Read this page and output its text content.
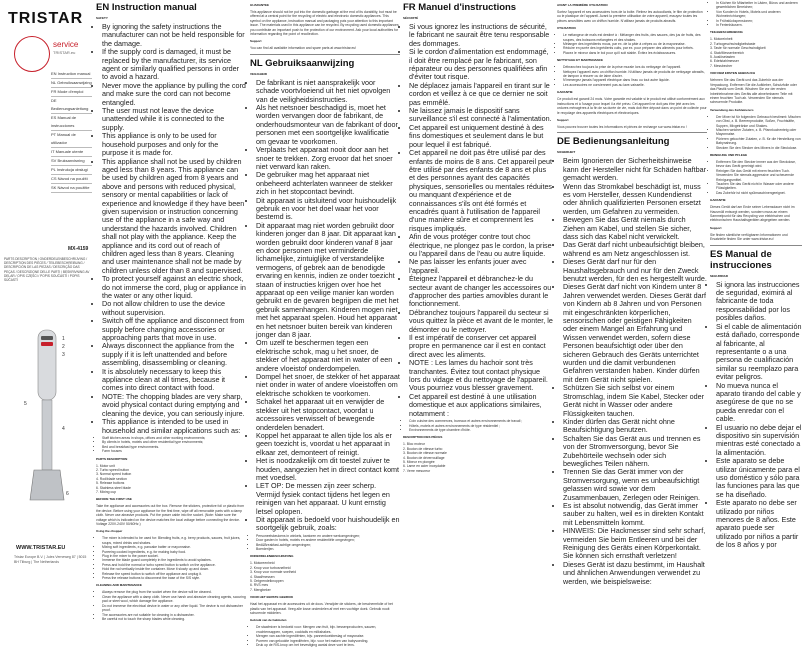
TRISTAR
service
TRISTAR.eu
EN Instruction manual
NL Gebruiksaanwijzing
FR Mode d'emploi
DE Bedienungsanleitung
ES Manual de instrucciones
PT Manual de utilizador
IT Manuale utente
SV Bruksanvisning
PL Instrukcja obsługi
CS Návod na použití
SK Návod na použitie
MX-4159
PARTS DESCRIPTION / ONDERDELENBESCHRIJVING / DESCRIPTION DES PIÈCES / TEILEBESCHREIBUNG / DESCRIPCIÓN DE LAS PIEZAS / DESCRIÇÃO DAS PEÇAS / DESCRIZIONE DELLE PARTI / BESKRIVNING AV DELAR / OPIS CZĘŚCI / POPIS SOUČÁSTÍ / POPIS SÚČASTÍ
1
2
3
4
5
6
WWW.TRISTAR.EU
Tristar Europe B.V. | Jules Verneweg 87 | 5015 BH Tilburg | The Netherlands

EN Instruction manual

SAFETY

• By ignoring the safety instructions the manufacturer can not be held responsible for the damage.
• If the supply cord is damaged, it must be replaced by the manufacturer, its service agent or similarly qualified persons in order to avoid a hazard.
• Never move the appliance by pulling the cord and make sure the cord can not become entangled.
• The user must not leave the device unattended while it is connected to the supply.
• This appliance is only to be used for household purposes and only for the purpose it is made for.
• This appliance shall not be used by children aged less than 8 years. This appliance can be used by children aged from 8 years and above and persons with reduced physical, sensory or mental capabilities or lack of experience and knowledge if they have been given supervision or instruction concerning use of the appliance in a safe way and understand the hazards involved. Children shall not play with the appliance. Keep the appliance and its cord out of reach of children aged less than 8 years. Cleaning and user maintenance shall not be made by children unless older than 8 and supervised.
• To protect yourself against an electric shock, do not immerse the cord, plug or appliance in the water or any other liquid.
• Do not allow children to use the device without supervision.
• Switch off the appliance and disconnect from supply before changing accessories or approaching parts that move in use.
• Always disconnect the appliance from the supply if it is left unattended and before assembling, disassembling or cleaning.
• It is absolutely necessary to keep this appliance clean at all times, because it comes into direct contact with food.
• NOTE: The chopping blades are very sharp, avoid physical contact during emptying and cleaning the device, you can seriously injure.
• This appliance is intended to be used in household and similar applications such as:
• Staff kitchen areas in shops, offices and other working environments;
• By clients in hotels, motels and other residential type environments;
• Bed and breakfast type environments.
• Farm houses

PARTS DESCRIPTION

1. Motor unit
2. Turbo speed button
3. Normal speed button
4. Rod/blade section
5. Release buttons
6. Stainless steel blade
7. Mixing cup

BEFORE THE FIRST USE

Take the appliance and accessories out the box. Remove the stickers, protective foil or plastic from the device. Before using your appliance for the first time, wipe off all removable parts with a damp cloth. Never use abrasive products. Put the power cable into the socket. (Note: Make sure the voltage which is indicated on the device matches the local voltage before connecting the device. Voltage 220V-240V 50/60Hz.)

Using the chopper

• The mixer is intended to be used for: Blending fruits, e.g. berry products, sauces, fruit juices, soups, mixed drinks and shakes.
• Mixing soft ingredients, e.g. pancake batter or mayonnaise.
• Pureeing cooked ingredients, e.g. for making baby food.
• Plug in the mixer to the power socket.
• Immerse the blade guard completely in the ingredients to avoid splashes.
• Press and hold the normal or turbo speed button to switch on the appliance.
• Hold the rod vertically inside the container. Move it slowly up and down.
• Release the speed button to switch off the appliance and unplug it.
• Press the release buttons to disconnect the base of the S/S style.

CLEANING AND MAINTENANCE

• Always remove the plug from the socket when the device will be cleaned.
• Clean the appliance with a damp cloth. Never use harsh and abrasive cleaning agents, scouring pad or steel wool, which damage the appliance.
• Do not immerse the electrical device in water or any other liquid. The device is not dishwasher proof.
• The accessories are not suitable for cleaning in a dishwasher.
• Be careful not to touch the sharp blades while cleaning.

GUARANTEE

This appliance should not be put into the domestic garbage at the end of its durability, but must be offered at a central point for the recycling of electric and electronic domestic appliances. This symbol on the appliance, instruction manual and packaging puts your attention to this important issue. The materials used in this appliance can be recycled. By recycling used domestic appliances you contribute an important push to the protection of our environment. Ask your local authorities for information regarding the point of recollection.

Support

You can find all available information and spare parts at www.tristar.eu!

NL Gebruiksaanwijzing

VEILIGHEID

• De fabrikant is niet aansprakelijk voor schade voortvloeiend uit het niet opvolgen van de veiligheidsinstructies.
• Als het netsnoer beschadigd is, moet het worden vervangen door de fabrikant, de onderhoudsmonteur van de fabrikant of door personen met een soortgelijke kwalificatie om gevaar te voorkomen.
• Verplaats het apparaat nooit door aan het snoer te trekken. Zorg ervoor dat het snoer niet verward kan raken.
• De gebruiker mag het apparaat niet onbeheerd achterlaten wanneer de stekker zich in het stopcontact bevindt.
• Dit apparaat is uitsluitend voor huishoudelijk gebruik en voor het doel waar het voor bestemd is.
• Dit apparaat mag niet worden gebruikt door kinderen jonger dan 8 jaar. Dit apparaat kan worden gebruikt door kinderen vanaf 8 jaar en door personen met verminderde lichamelijke, zintuiglijke of verstandelijke vermogens, of gebrek aan de benodigde ervaring en kennis, indien ze onder toezicht staan of instructies krijgen over hoe het apparaat op een veilige manier kan worden gebruikt en de gevaren begrijpen die met het gebruik samenhangen. Kinderen mogen niet met het apparaat spelen. Houd het apparaat en het netsnoer buiten bereik van kinderen jonger dan 8 jaar.
• Om uzelf te beschermen tegen een elektrische schok, mag u het snoer, de stekker of het apparaat niet in water of een andere vloeistof onderdompelen.
• Dompel het snoer, de stekker of het apparaat niet onder in water of andere vloeistoffen om elektrische schokken te voorkomen.
• Schakel het apparaat uit en verwijder de stekker uit het stopcontact, voordat u accessoires verwisselt of bewegende onderdelen benadert.
• Koppel het apparaat te allen tijde los als er geen toezicht is, voordat u het apparaat in elkaar zet, demonteert of reinigt.
• Het is noodzakelijk om dit toestel zuiver te houden, aangezien het in direct contact komt met voedsel.
• LET OP: De messen zijn zeer scherp. Vermijd fysiek contact tijdens het legen en reinigen van het apparaat. U kunt ernstig letsel oplopen.
• Dit apparaat is bedoeld voor huishoudelijk en soortgelijk gebruik, zoals:
• Personeelskeukens in winkels, kantoren en andere werkomgevingen;
• Door gasten in hotels, motels en andere residentiële omgevingen;
• Bed&Breakfast-achtige omgevingen;
• Boerderijen.

ONDERDELENBESCHRIJVING

1. Motoreenheid
2. Knop voor turbosnelheid
3. Knop voor normale snelheid
4. Staaf/messen
5. Ontgrendelknoppen
6. RVS mes
7. Mengbeker

VOOR HET EERSTE GEBRUIK

Haal het apparaat en de accessoires uit de doos. Verwijder de stickers, de beschermfolie of het plastic van het apparaat. Veeg alle losse onderdelen af met een vochtige doek. Gebruik nooit schurende middelen.

Gebruik van de hakmolen

• De staafmixer is bedoeld voor: Mengen van fruit, bijv. bessenproducten, sauzen, vruchtensappen, soepen, cocktails en milkshakes.
• Mengen van zachte ingrediënten, bijv. pannenkoekbeslag of mayonaise.
• Pureren van gekookte ingrediënten, bijv. voor het maken van babyvoeding.
• Druk op de R/S-knop om het bevestiging aantal deze voet te lens.

FR Manuel d'instructions

SÉCURITÉ

• Si vous ignorez les instructions de sécurité, le fabricant ne saurait être tenu responsable des dommages.
• Si le cordon d'alimentation est endommagé, il doit être remplacé par le fabricant, son réparateur ou des personnes qualifiées afin d'éviter tout risque.
• Ne déplacez jamais l'appareil en tirant sur le cordon et veillez à ce que ce dernier ne soit pas emmêlé.
• Ne laissez jamais le dispositif sans surveillance s'il est connecté à l'alimentation.
• Cet appareil est uniquement destiné à des fins domestiques et seulement dans le but pour lequel il est fabriqué.
• Cet appareil ne doit pas être utilisé par des enfants de moins de 8 ans. Cet appareil peut être utilisé par des enfants de 8 ans et plus et des personnes ayant des capacités physiques, sensorielles ou mentales réduites ou manquant d'expérience et de connaissances s'ils ont été formés et encadrés quant à l'utilisation de l'appareil d'une manière sûre et comprennent les risques impliqués.
• Afin de vous protéger contre tout choc électrique, ne plongez pas le cordon, la prise ou l'appareil dans de l'eau ou autre liquide.
• Ne pas laisser les enfants jouer avec l'appareil.
• Éteignez l'appareil et débranchez-le du secteur avant de changer les accessoires ou d'approcher des parties amovibles durant le fonctionnement.
• Débranchez toujours l'appareil du secteur si vous quittez la pièce et avant de le monter, le démonter ou le nettoyer.
• Il est impératif de conserver cet appareil propre en permanence car il est en contact direct avec les aliments.
• NOTE : Les lames du hachoir sont très tranchantes. Évitez tout contact physique lors du vidage et du nettoyage de l'appareil. Vous pourriez vous blesser gravement.
• Cet appareil est destiné à une utilisation domestique et aux applications similaires, notamment :
• Coin cuisine des commerces, bureaux et autres environnements de travail ;
• Hôtels, motels et autres environnements de type résidentiel ;
• Environnements de type chambre d'hôte.

DESCRIPTION DES PIÈCES

1. Bloc moteur
2. Bouton de vitesse turbo
3. Bouton de vitesse normale
4. Bouton de déverrouillage
5. Mixeur en plongée
6. Lame en acier inoxydable
7. Verre mesureur

AVANT LA PREMIÈRE UTILISATION

Sortez l'appareil et ses accessoires hors de la boîte. Retirez les autocollants, le film de protection ou le plastique de l'appareil. Avant la première utilisation de votre appareil, essuyez toutes les pièces amovibles avec un chiffon humide. N'utilisez jamais de produits abrasifs.

UTILISATION

• Le mélangeur de maïs est destiné à : Mélanger des fruits, des sauces, des jus de fruits, des soupes, des boissons mélangées et des shakes.
• Mélanger des ingrédients mous, par ex. de la pâte à crêpes ou de la mayonnaise.
• Réduire en purée des ingrédients cuits, par ex. pour préparer des aliments pour bébés.
• Placez le mixeur dans le bol pour qu'il soit stable. Évitez les éclaboussures.

NETTOYAGE ET MAINTENANCE

• Débranchez toujours la prise de la prise murale lors du nettoyage de l'appareil.
• Nettoyez l'appareil avec un chiffon humide. N'utilisez jamais de produits de nettoyage abrasifs, de tampon à récurer ou de laine d'acier.
• N'immergez jamais l'appareil électrique dans l'eau ou tout autre liquide.
• Les accessoires ne conviennent pas au lave-vaisselle.

GARANTIE

Ce produit est garanti 24 mois. Votre garantie est valable si le produit est utilisé conformément aux instructions et à l'usage pour lequel il a été prévu. Cet appareil ne doit pas être jeté avec les ordures ménagères à la fin de sa durée de vie, mais doit être déposé dans un point de collecte pour le recyclage des appareils électriques et électroniques.

Support

Vous pouvez trouver toutes les informations et pièces de rechange sur www.tristar.eu !

DE Bedienungsanleitung

SICHERHEIT

• Beim Ignorieren der Sicherheitshinweise kann der Hersteller nicht für Schäden haftbar gemacht werden.
• Wenn das Stromkabel beschädigt ist, muss es vom Hersteller, dessen Kundendienst oder ähnlich qualifizierten Personen ersetzt werden, um Gefahren zu vermeiden.
• Bewegen Sie das Gerät niemals durch Ziehen am Kabel, und stellen Sie sicher, dass sich das Kabel nicht verwickelt.
• Das Gerät darf nicht unbeaufsichtigt bleiben, während es am Netz angeschlossen ist.
• Dieses Gerät darf nur für den Haushaltsgebrauch und nur für den Zweck benutzt werden, für den es hergestellt wurde.
• Dieses Gerät darf nicht von Kindern unter 8 Jahren verwendet werden. Dieses Gerät darf von Kindern ab 8 Jahren und von Personen mit eingeschränkten körperlichen, sensorischen oder geistigen Fähigkeiten oder einem Mangel an Erfahrung und Wissen verwendet werden, sofern diese Personen beaufsichtigt oder über den sicheren Gebrauch des Geräts unterrichtet wurden und die damit verbundenen Gefahren verstanden haben. Kinder dürfen mit dem Gerät nicht spielen.
• Schützen Sie sich selbst vor einem Stromschlag, indem Sie Kabel, Stecker oder Gerät nicht in Wasser oder andere Flüssigkeiten tauchen.
• Kinder dürfen das Gerät nicht ohne Beaufsichtigung benutzen.
• Schalten Sie das Gerät aus und trennen es von der Stromversorgung, bevor Sie Zubehörteile wechseln oder sich bewegliches Teilen nähern.
• Trennen Sie das Gerät immer von der Stromversorgung, wenn es unbeaufsichtigt gelassen wird sowie vor dem Zusammenbauen, Zerlegen oder Reinigen.
• Es ist absolut notwendig, das Gerät immer sauber zu halten, weil es in direkten Kontakt mit Lebensmitteln kommt.
• HINWEIS: Die Hackmesser sind sehr scharf, vermeiden Sie beim Entleeren und bei der Reinigung des Geräts einen Körperkontakt. Sie können sich ernsthaft verletzen!
• Dieses Gerät ist dazu bestimmt, im Haushalt und ähnlichen Anwendungen verwendet zu werden, wie beispielsweise:
• In Küchen für Mitarbeiter in Läden, Büros und anderen gewerblichen Bereichen;
• Von Kunden in Hotels, Motels und anderen Wohneinrichtungen;
• In Frühstückspensionen;
• In Ferienhäusern.

TEILEBESCHREIBUNG

1. Motoreinheit
2. Turbogeschwindigkeitstaste
3. Taste für normale Geschwindigkeit
4. Stab/Messerbereich
5. Auslösetasten
6. Edelstahlmesser
7. Messbecher

VOR DEM ERSTEN GEBRAUCH

Nehmen Sie das Gerät und das Zubehör aus der Verpackung. Entfernen Sie die Aufkleber, Schutzfolie oder das Plastik vom Gerät. Wischen Sie vor der ersten Inbetriebnahme des Geräts alle abnehmbaren Teile mit einem feuchten Tuch ab. Verwenden Sie niemals scheuernde Produkte.

Verwendung des Zerkleinerers

• Der Mixer ist für folgenden Gebrauch bestimmt: Mischen von Obst, z. B. Beerenprodukte, Soßen, Fruchtsäfte, Suppen, Mixgetränke und Shakes.
• Mischen weicher Zutaten, z. B. Pfannkuchenteig oder Mayonnaise.
• Pürieren gekochter Zutaten, z. B. für die Herstellung von Babynahrung.
• Stecken Sie den Stecker des Mixers in die Steckdose.

REINIGUNG UND PFLEGE

• Entfernen Sie den Stecker immer aus der Steckdose, bevor das Gerät gereinigt wird.
• Reinigen Sie das Gerät mit einem feuchten Tuch. Verwenden Sie niemals aggressive und scheuernde Reinigungsmittel.
• Tauchen Sie das Gerät nicht in Wasser oder andere Flüssigkeiten.
• Das Zubehör ist nicht spülmaschinengeeignet.

GARANTIE

Dieses Gerät darf am Ende seiner Lebensdauer nicht im Hausmüll entsorgt werden, sondern muss an einem Sammelpunkt für das Recycling von elektrischen und elektronischen Haushaltsgeräten abgegeben werden.

Support

Sie finden sämtliche verfügbaren Informationen und Ersatzteile finden Sie unter www.tristar.eu!

ES Manual de instrucciones

SEGURIDAD

• Si ignora las instrucciones de seguridad, eximirá al fabricante de toda responsabilidad por los posibles daños.
• Si el cable de alimentación está dañado, corresponde al fabricante, al representante o a una persona de cualificación similar su reemplazo para evitar peligros.
• No mueva nunca el aparato tirando del cable y asegúrese de que no se pueda enredar con el cable.
• El usuario no debe dejar el dispositivo sin supervisión mientras esté conectado a la alimentación.
• Este aparato se debe utilizar únicamente para el uso doméstico y sólo para las funciones para las que se ha diseñado.
• Este aparato no debe ser utilizado por niños menores de 8 años. Este aparato puede ser utilizado por niños a partir de los 8 años y por
